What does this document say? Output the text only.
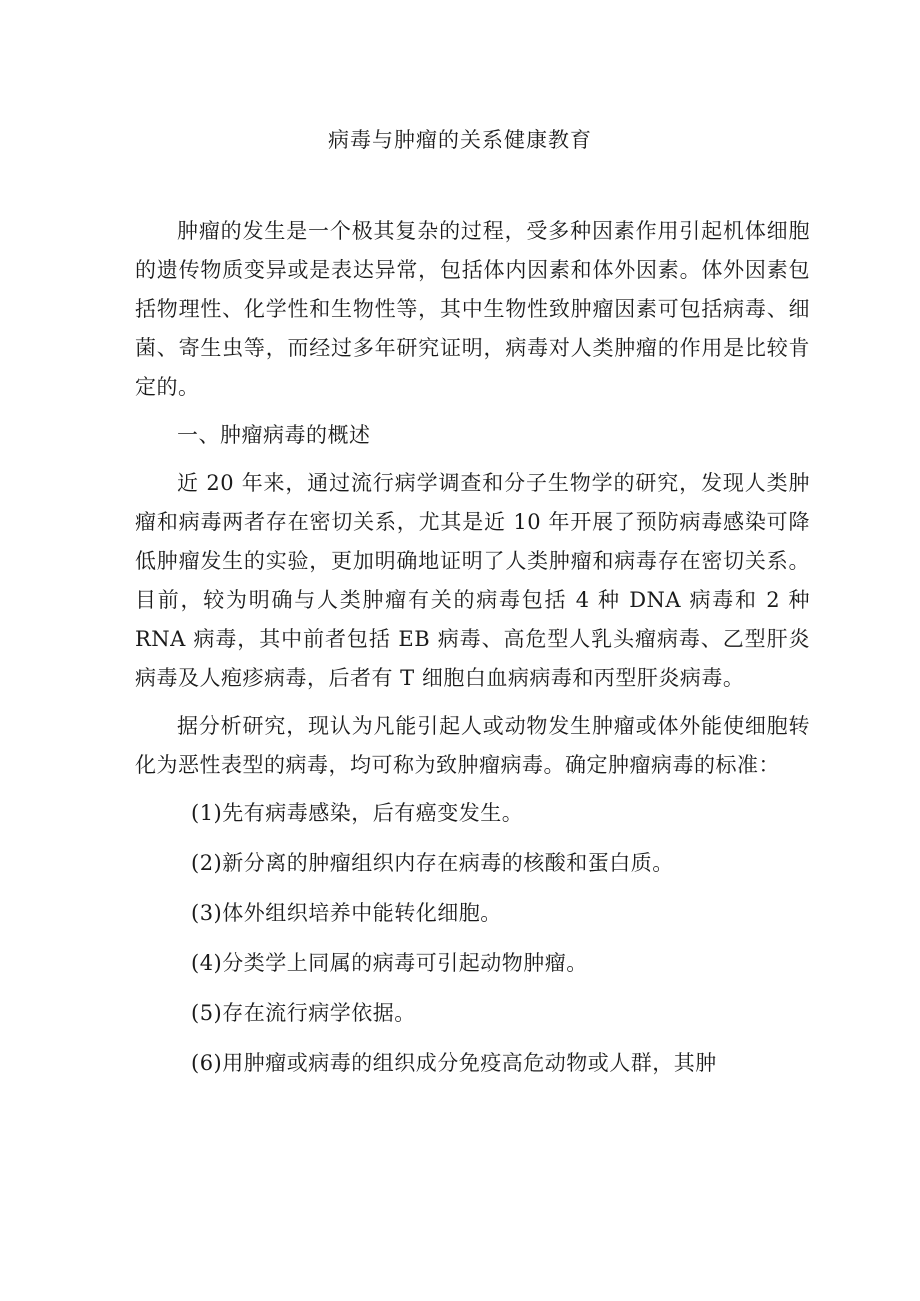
病毒与肿瘤的关系健康教育

肿瘤的发生是一个极其复杂的过程，受多种因素作用引起机体细胞的遗传物质变异或是表达异常，包括体内因素和体外因素。体外因素包括物理性、化学性和生物性等，其中生物性致肿瘤因素可包括病毒、细菌、寄生虫等，而经过多年研究证明，病毒对人类肿瘤的作用是比较肯定的。

一、肿瘤病毒的概述

近 20 年来，通过流行病学调查和分子生物学的研究，发现人类肿瘤和病毒两者存在密切关系，尤其是近 10 年开展了预防病毒感染可降低肿瘤发生的实验，更加明确地证明了人类肿瘤和病毒存在密切关系。目前，较为明确与人类肿瘤有关的病毒包括 4 种 DNA 病毒和 2 种 RNA 病毒，其中前者包括 EB 病毒、高危型人乳头瘤病毒、乙型肝炎病毒及人疱疹病毒，后者有 T 细胞白血病病毒和丙型肝炎病毒。

据分析研究，现认为凡能引起人或动物发生肿瘤或体外能使细胞转化为恶性表型的病毒，均可称为致肿瘤病毒。确定肿瘤病毒的标准：

(1)先有病毒感染，后有癌变发生。

(2)新分离的肿瘤组织内存在病毒的核酸和蛋白质。

(3)体外组织培养中能转化细胞。

(4)分类学上同属的病毒可引起动物肿瘤。

(5)存在流行病学依据。

(6)用肿瘤或病毒的组织成分免疫高危动物或人群，其肿
